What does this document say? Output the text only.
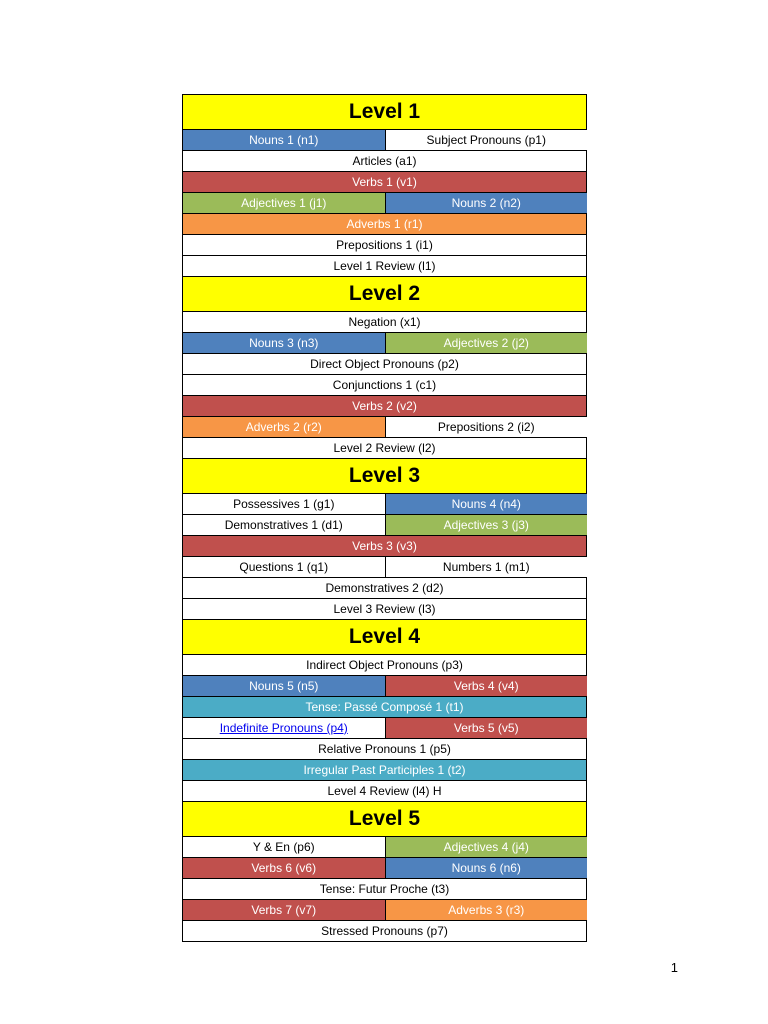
Level 1
Nouns 1 (n1)	Subject Pronouns (p1)
Articles (a1)
Verbs 1 (v1)
Adjectives 1 (j1)	Nouns 2 (n2)
Adverbs 1 (r1)
Prepositions 1 (i1)
Level 1 Review (l1)
Level 2
Negation (x1)
Nouns 3 (n3)	Adjectives 2 (j2)
Direct Object Pronouns (p2)
Conjunctions 1 (c1)
Verbs 2 (v2)
Adverbs 2 (r2)	Prepositions 2 (i2)
Level 2 Review (l2)
Level 3
Possessives 1 (g1)	Nouns 4 (n4)
Demonstratives 1 (d1)	Adjectives 3 (j3)
Verbs 3 (v3)
Questions 1 (q1)	Numbers 1 (m1)
Demonstratives 2 (d2)
Level 3 Review (l3)
Level 4
Indirect Object Pronouns (p3)
Nouns 5 (n5)	Verbs 4 (v4)
Tense: Passé Composé 1 (t1)
Indefinite Pronouns (p4)	Verbs 5 (v5)
Relative Pronouns 1 (p5)
Irregular Past Participles 1 (t2)
Level 4 Review (l4) H
Level 5
Y & En (p6)	Adjectives 4 (j4)
Verbs 6 (v6)	Nouns 6 (n6)
Tense: Futur Proche (t3)
Verbs 7 (v7)	Adverbs 3 (r3)
Stressed Pronouns (p7)
1
